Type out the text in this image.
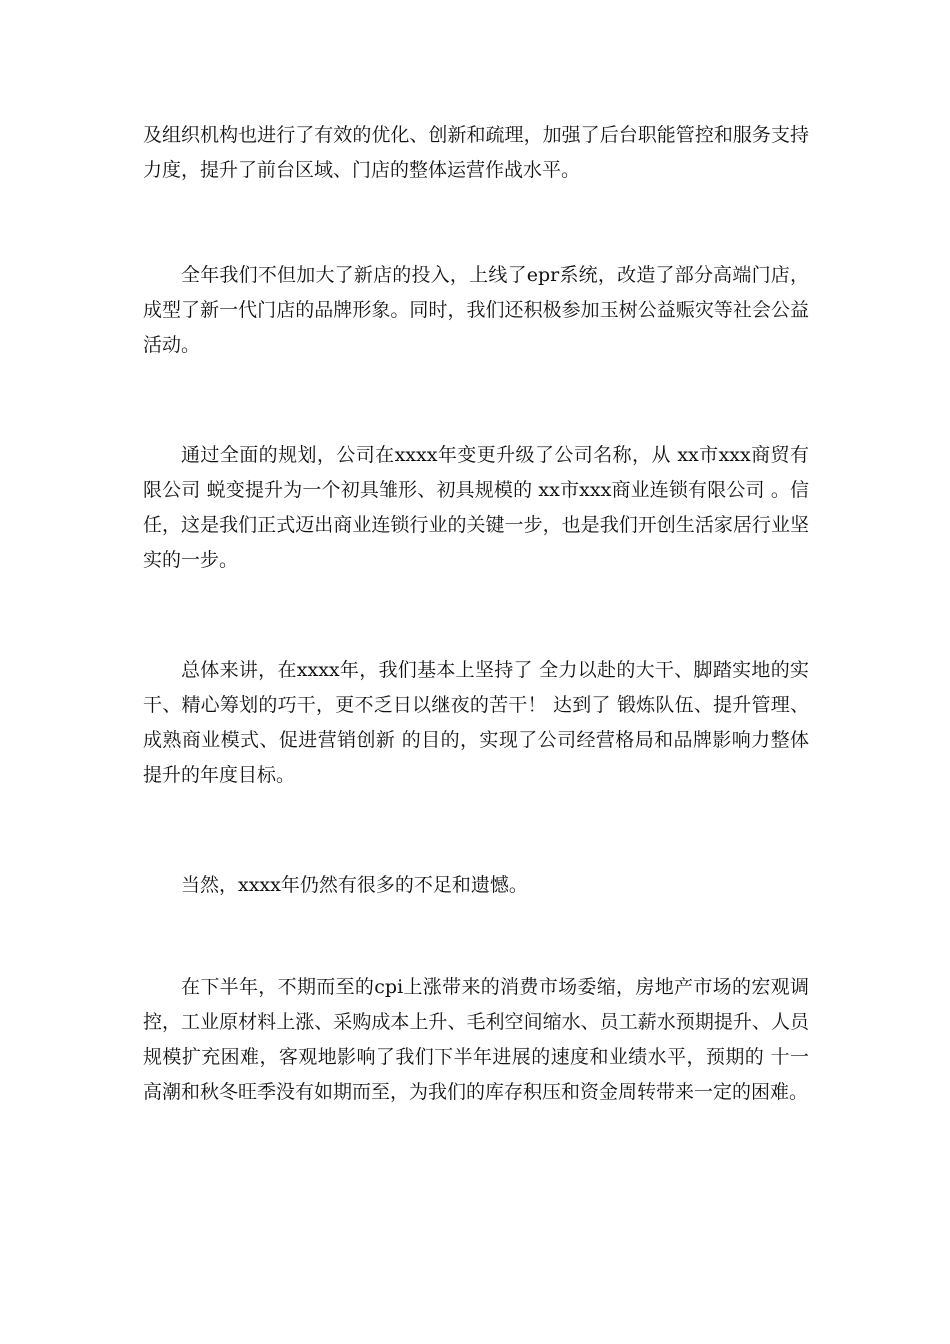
及组织机构也进行了有效的优化、创新和疏理，加强了后台职能管控和服务支持力度，提升了前台区域、门店的整体运营作战水平。

全年我们不但加大了新店的投入，上线了epr系统，改造了部分高端门店，成型了新一代门店的品牌形象。同时，我们还积极参加玉树公益赈灾等社会公益活动。

通过全面的规划，公司在xxxx年变更升级了公司名称，从 xx市xxx商贸有限公司 蜕变提升为一个初具雏形、初具规模的 xx市xxx商业连锁有限公司 。信任，这是我们正式迈出商业连锁行业的关键一步，也是我们开创生活家居行业坚实的一步。

总体来讲，在xxxx年，我们基本上坚持了 全力以赴的大干、脚踏实地的实干、精心筹划的巧干，更不乏日以继夜的苦干！ 达到了 锻炼队伍、提升管理、成熟商业模式、促进营销创新 的目的，实现了公司经营格局和品牌影响力整体提升的年度目标。

当然，xxxx年仍然有很多的不足和遗憾。

在下半年，不期而至的cpi上涨带来的消费市场委缩，房地产市场的宏观调控，工业原材料上涨、采购成本上升、毛利空间缩水、员工薪水预期提升、人员规模扩充困难，客观地影响了我们下半年进展的速度和业绩水平，预期的 十一 高潮和秋冬旺季没有如期而至，为我们的库存积压和资金周转带来一定的困难。
